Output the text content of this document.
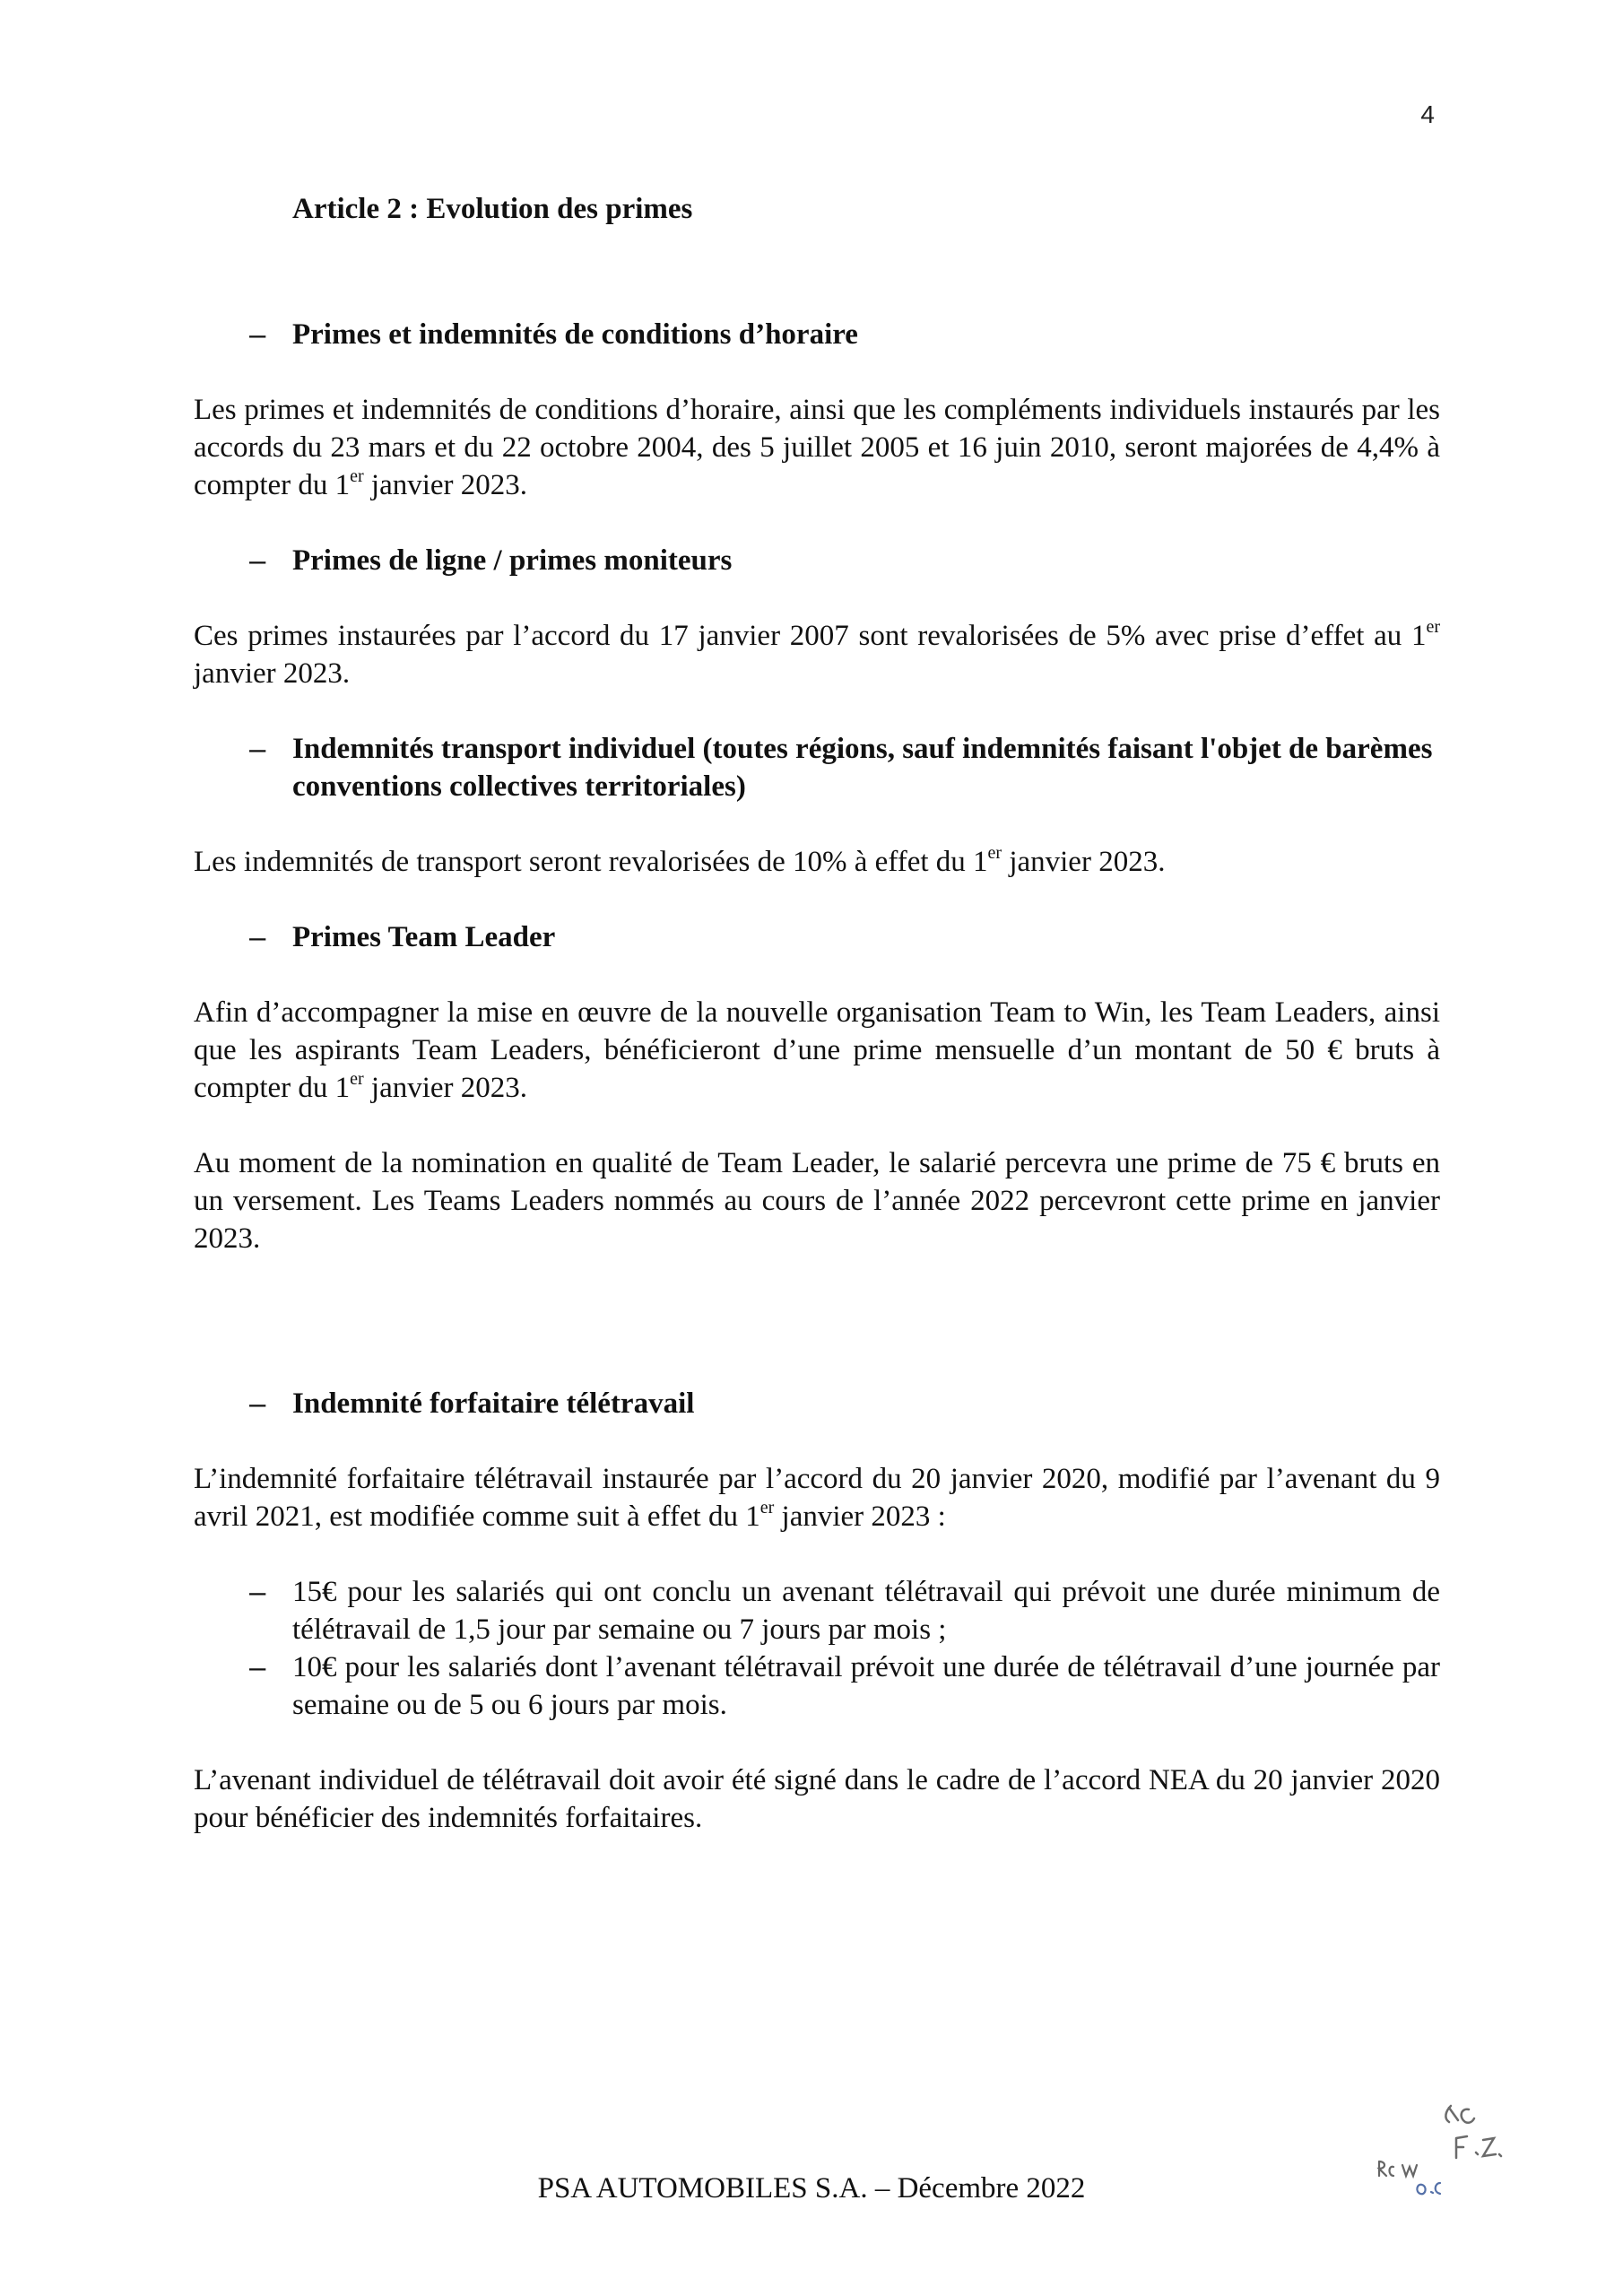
4
Article 2 : Evolution des primes
– Primes et indemnités de conditions d’horaire

Les primes et indemnités de conditions d’horaire, ainsi que les compléments individuels instaurés par les accords du 23 mars et du 22 octobre 2004, des 5 juillet 2005 et 16 juin 2010, seront majorées de 4,4% à compter du 1er janvier 2023.

– Primes de ligne / primes moniteurs

Ces primes instaurées par l’accord du 17 janvier 2007 sont revalorisées de 5% avec prise d’effet au 1er janvier 2023.

– Indemnités transport individuel (toutes régions, sauf indemnités faisant l'objet de barèmes conventions collectives territoriales)

Les indemnités de transport seront revalorisées de 10% à effet du 1er janvier 2023.

– Primes Team Leader

Afin d’accompagner la mise en œuvre de la nouvelle organisation Team to Win, les Team Leaders, ainsi que les aspirants Team Leaders, bénéficieront d’une prime mensuelle d’un montant de 50 € bruts à compter du 1er janvier 2023.

Au moment de la nomination en qualité de Team Leader, le salarié percevra une prime de 75 € bruts en un versement. Les Teams Leaders nommés au cours de l’année 2022 percevront cette prime en janvier 2023.

– Indemnité forfaitaire télétravail

L’indemnité forfaitaire télétravail instaurée par l’accord du 20 janvier 2020, modifié par l’avenant du 9 avril 2021, est modifiée comme suit à effet du 1er janvier 2023 :

– 15€ pour les salariés qui ont conclu un avenant télétravail qui prévoit une durée minimum de télétravail de 1,5 jour par semaine ou 7 jours par mois ;
– 10€ pour les salariés dont l’avenant télétravail prévoit une durée de télétravail d’une journée par semaine ou de 5 ou 6 jours par mois.

L’avenant individuel de télétravail doit avoir été signé dans le cadre de l’accord NEA du 20 janvier 2020 pour bénéficier des indemnités forfaitaires.

PSA AUTOMOBILES S.A. – Décembre 2022
